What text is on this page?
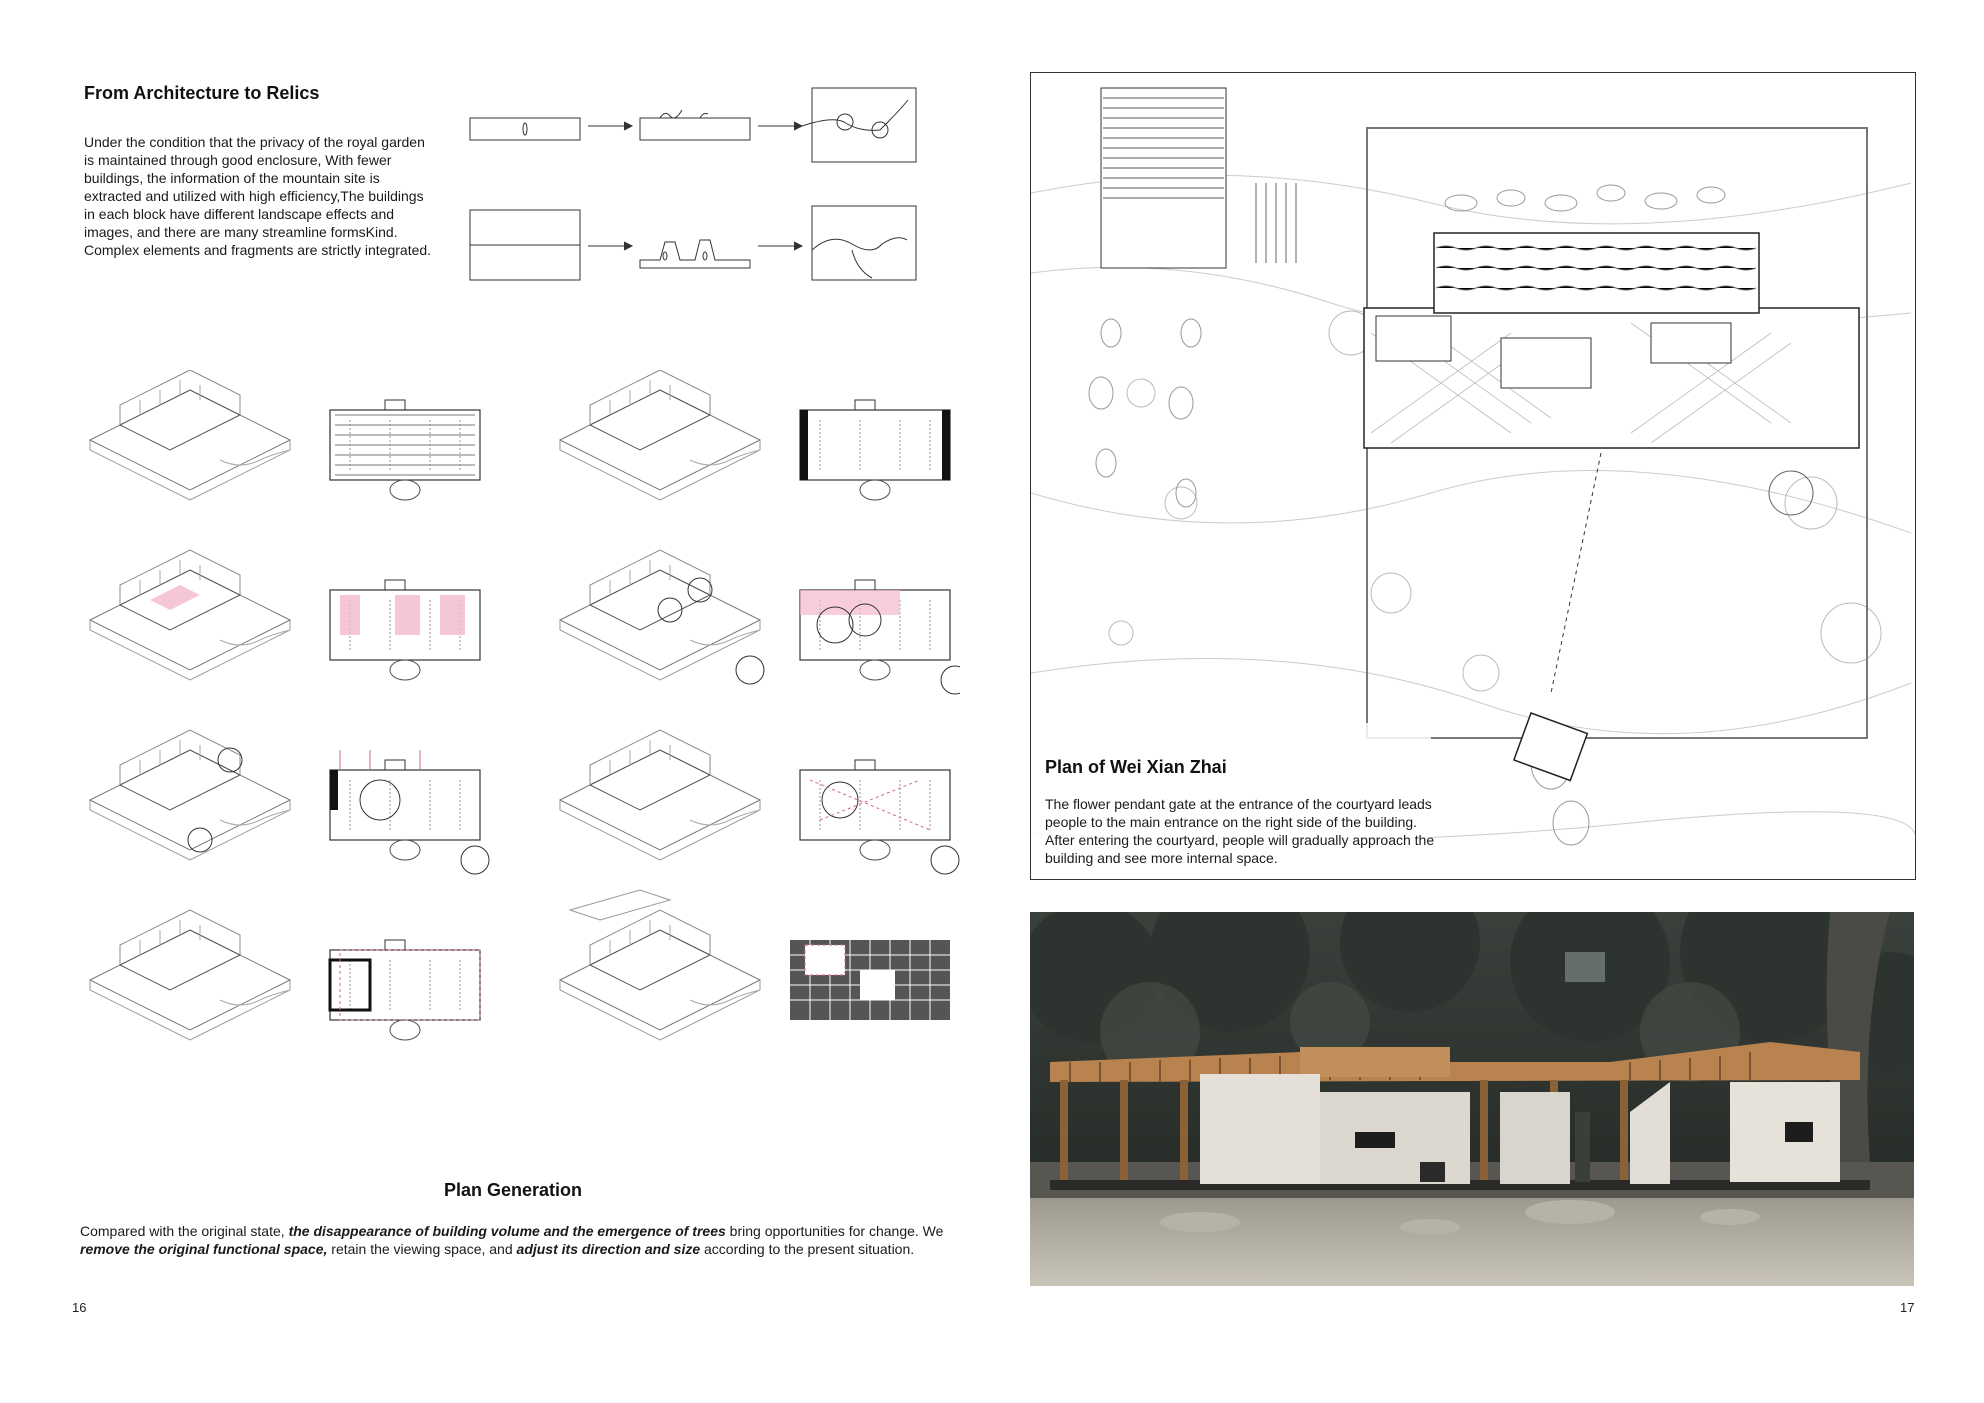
From Architecture to Relics
Under the condition that the privacy of the royal garden is maintained through good enclosure, With fewer buildings, the information of the mountain site is extracted and utilized with high efficiency,The buildings in each block have different landscape effects and images, and there are many streamline formsKind. Complex elements and fragments are strictly integrated.
Plan Generation
Compared with the original state, the disappearance of building volume and the emergence of trees bring opportunities for change. We remove the original functional space, retain the viewing space, and adjust its direction and size according to the present situation.
16
Plan of Wei Xian Zhai
The flower pendant gate at the entrance of the courtyard leads people to the main entrance on the right side of the building. After entering the courtyard, people will gradually approach the building and see more internal space.
17
